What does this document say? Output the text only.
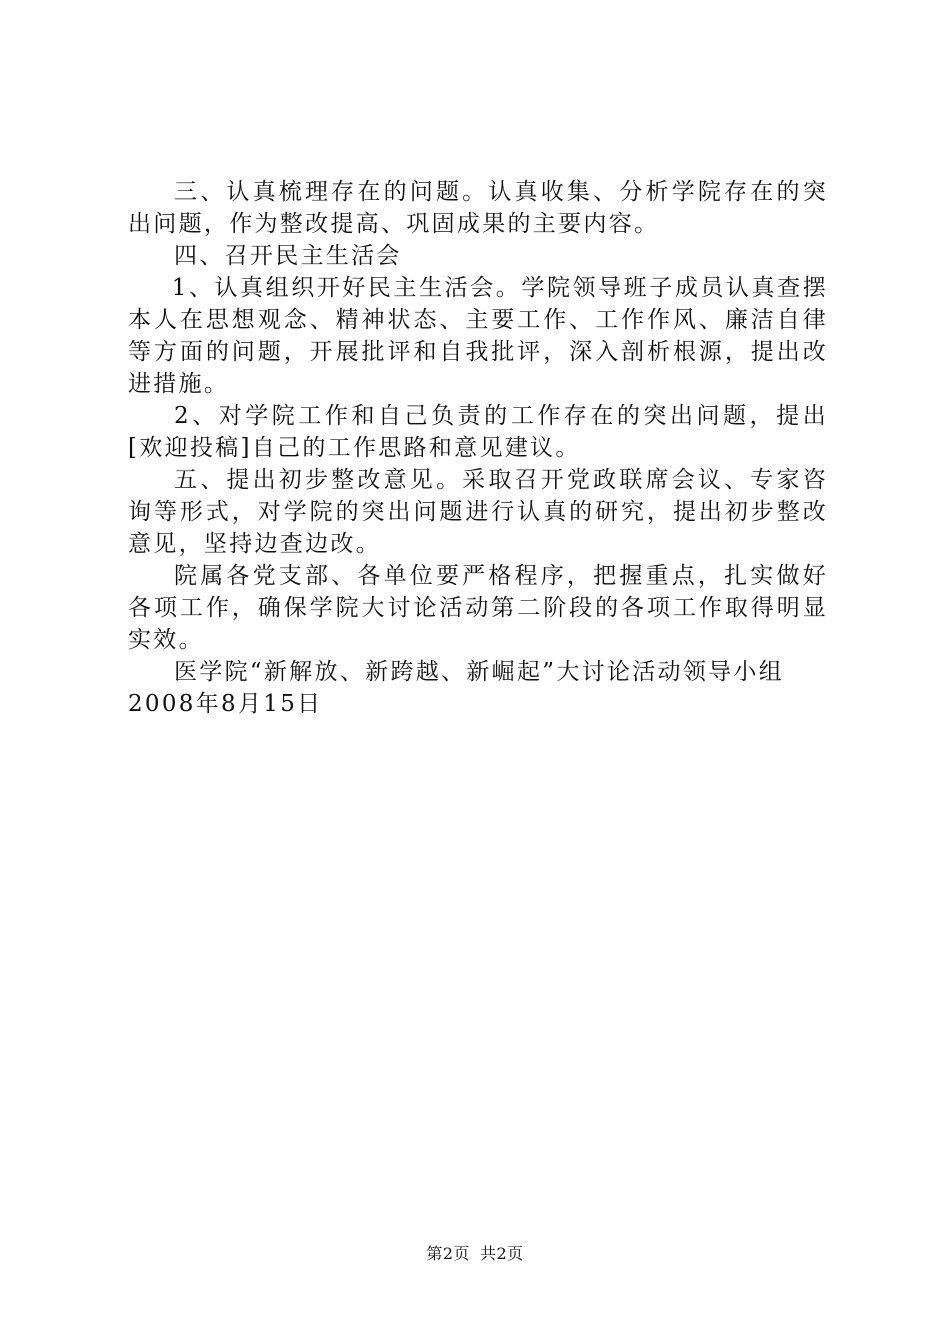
三、认真梳理存在的问题。认真收集、分析学院存在的突出问题，作为整改提高、巩固成果的主要内容。

四、召开民主生活会

1、认真组织开好民主生活会。学院领导班子成员认真查摆本人在思想观念、精神状态、主要工作、工作作风、廉洁自律等方面的问题，开展批评和自我批评，深入剖析根源，提出改进措施。

2、对学院工作和自己负责的工作存在的突出问题，提出[欢迎投稿]自己的工作思路和意见建议。

五、提出初步整改意见。采取召开党政联席会议、专家咨询等形式，对学院的突出问题进行认真的研究，提出初步整改意见，坚持边查边改。

院属各党支部、各单位要严格程序，把握重点，扎实做好各项工作，确保学院大讨论活动第二阶段的各项工作取得明显实效。

医学院“新解放、新跨越、新崛起”大讨论活动领导小组

2008年8月15日

第2页 共2页
